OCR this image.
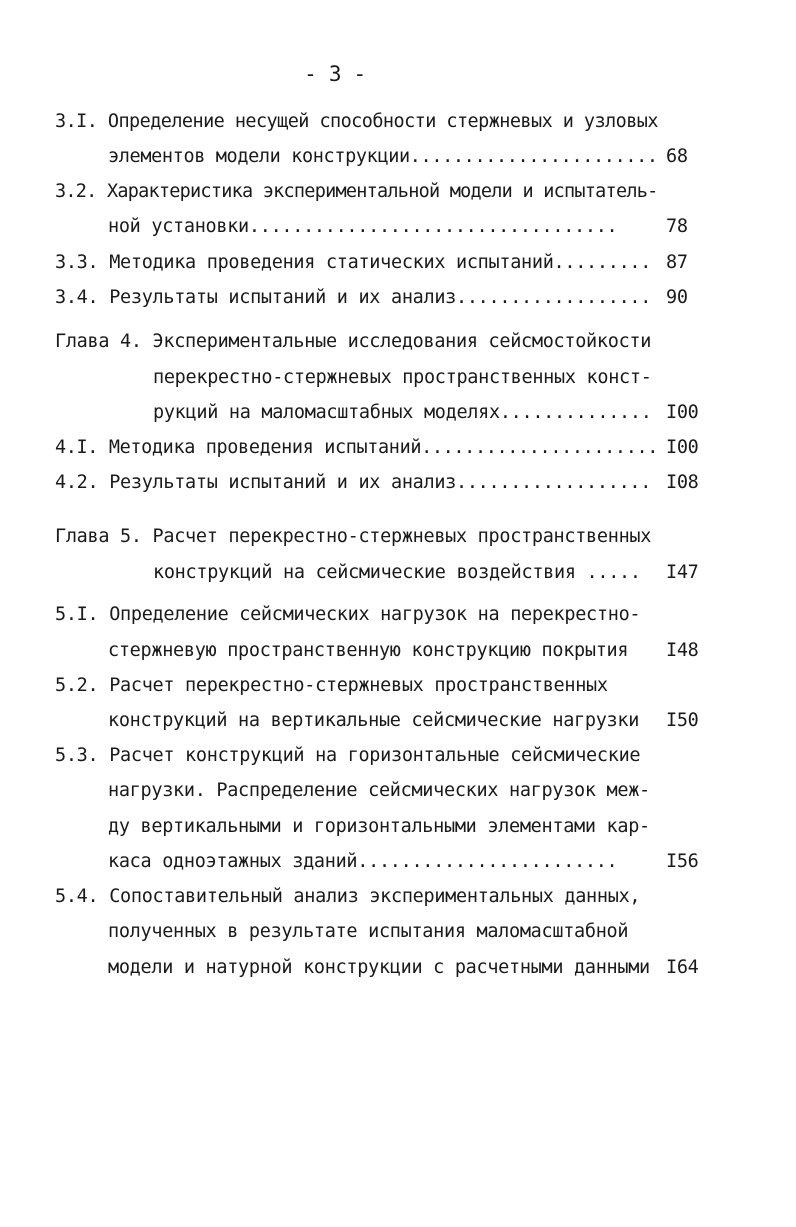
- 3 -
3.I. Определение несущей способности стержневых и узловых
элементов модели конструкции....................... 68
3.2. Характеристика экспериментальной модели и испытатель-
ной установки..................................	78
3.3. Методика проведения статических испытаний......... 87
3.4. Результаты испытаний и их анализ.................. 90
Глава 4. Экспериментальные исследования сейсмостойкости
перекрестно-стержневых пространственных конст-
рукций на маломасштабных моделях.............. I00
4.I. Методика проведения испытаний...................... I00
4.2. Результаты испытаний и их анализ.................. I08
Глава 5. Расчет перекрестно-стержневых пространственных
конструкций на сейсмические воздействия ..... I47
5.I. Определение сейсмических нагрузок на перекрестно-
стержневую пространственную конструкцию покрытия I48
5.2. Расчет перекрестно-стержневых пространственных
конструкций на вертикальные сейсмические нагрузки I50
5.3. Расчет конструкций на горизонтальные сейсмические
нагрузки. Распределение сейсмических нагрузок меж-
ду вертикальными и горизонтальными элементами кар-
каса одноэтажных зданий........................	I56
5.4. Сопоставительный анализ экспериментальных данных,
полученных в результате испытания маломасштабной
модели и натурной конструкции с расчетными данными I64
